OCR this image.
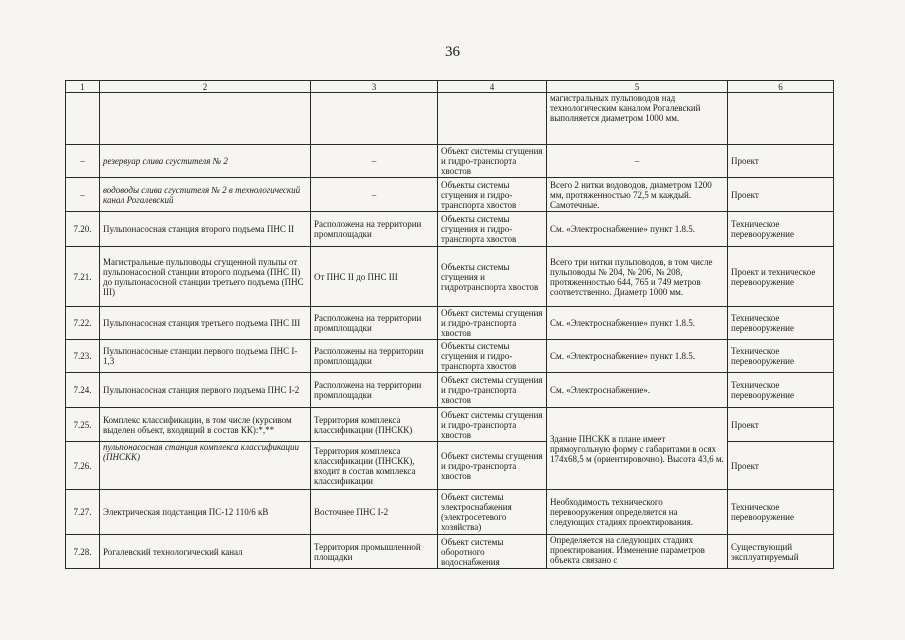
36
1	2	3	4	5	6
				магистральных пульповодов над технологическим каналом Рогалевский выполняется диаметром 1000 мм.	
–	резервуар слива сгустителя № 2	–	Объект системы сгущения и гидро-транспорта хвостов	–	Проект
–	водоводы слива сгустителя № 2 в технологический канал Рогалевский	–	Объекты системы сгущения и гидро-транспорта хвостов	Всего 2 нитки водоводов, диаметром 1200 мм, протяженностью 72,5 м каждый. Самотечные.	Проект
7.20.	Пульпонасосная станция второго подъема ПНС II	Расположена на территории промплощадки	Объекты системы сгущения и гидро-транспорта хвостов	См. «Электроснабжение» пункт 1.8.5.	Техническое перевооружение
7.21.	Магистральные пульповоды сгущенной пульпы от пульпонасосной станции второго подъема (ПНС II) до пульпонасосной станции третьего подъема (ПНС III)	От ПНС II до ПНС III	Объекты системы сгущения и гидротранспорта хвостов	Всего три нитки пульповодов, в том числе пульповоды № 204, № 206, № 208, протяженностью 644, 765 и 749 метров соответственно. Диаметр 1000 мм.	Проект и техническое перевооружение
7.22.	Пульпонасосная станция третьего подъема ПНС III	Расположена на территории промплощадки	Объект системы сгущения и гидро-транспорта хвостов	См. «Электроснабжение» пункт 1.8.5.	Техническое перевооружение
7.23.	Пульпонасосные станции первого подъема ПНС I-1,3	Расположены на территории промплощадки	Объекты системы сгущения и гидро-транспорта хвостов	См. «Электроснабжение» пункт 1.8.5.	Техническое перевооружение
7.24.	Пульпонасосная станция первого подъема ПНС I-2	Расположена на территории промплощадки	Объект системы сгущения и гидро-транспорта хвостов	См. «Электроснабжение».	Техническое перевооружение
7.25.	Комплекс классификации, в том числе (курсивом выделен объект, входящий в состав КК):*,**	Территория комплекса классификации (ПНСКК)	Объект системы сгущения и гидро-транспорта хвостов	Здание ПНСКК в плане имеет прямоугольную форму с габаритами в осях 174х68,5 м (ориентировочно). Высота 43,6 м.	Проект
7.26.	пульпонасосная станция комплекса классификации (ПНСКК)	Территория комплекса классификации (ПНСКК), входит в состав комплекса классификации	Объект системы сгущения и гидро-транспорта хвостов		Проект
7.27.	Электрическая подстанция ПС-12 110/6 кВ	Восточнее ПНС I-2	Объект системы электроснабжения (электросетевого хозяйства)	Необходимость технического перевооружения определяется на следующих стадиях проектирования.	Техническое перевооружение
7.28.	Рогалевский технологический канал	Территория промышленной площадки	Объект системы оборотного водоснабжения	Определяется на следующих стадиях проектирования. Изменение параметров объекта связано с	Существующий эксплуатируемый
